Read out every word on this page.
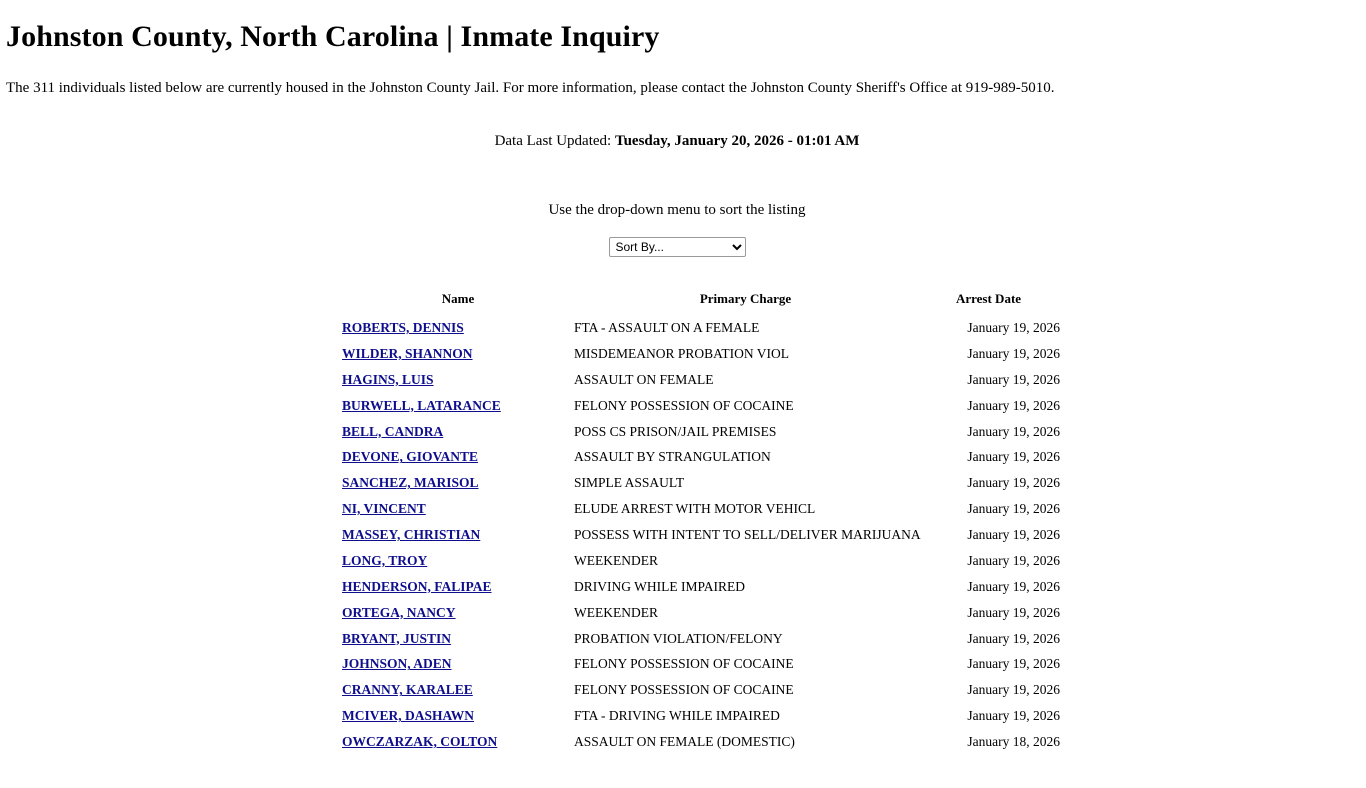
Johnston County, North Carolina | Inmate Inquiry

The 311 individuals listed below are currently housed in the Johnston County Jail. For more information, please contact the Johnston County Sheriff's Office at 919-989-5010.

Data Last Updated: Tuesday, January 20, 2026 - 01:01 AM
Use the drop-down menu to sort the listing
Sort By...
	Name	Primary Charge	Arrest Date
	ROBERTS, DENNIS	FTA - ASSAULT ON A FEMALE	January 19, 2026
	WILDER, SHANNON	MISDEMEANOR PROBATION VIOL	January 19, 2026
	HAGINS, LUIS	ASSAULT ON FEMALE	January 19, 2026
	BURWELL, LATARANCE	FELONY POSSESSION OF COCAINE	January 19, 2026
	BELL, CANDRA	POSS CS PRISON/JAIL PREMISES	January 19, 2026
	DEVONE, GIOVANTE	ASSAULT BY STRANGULATION	January 19, 2026
	SANCHEZ, MARISOL	SIMPLE ASSAULT	January 19, 2026
	NI, VINCENT	ELUDE ARREST WITH MOTOR VEHICL	January 19, 2026
	MASSEY, CHRISTIAN	POSSESS WITH INTENT TO SELL/DELIVER MARIJUANA	January 19, 2026
	LONG, TROY	WEEKENDER	January 19, 2026
	HENDERSON, FALIPAE	DRIVING WHILE IMPAIRED	January 19, 2026
	ORTEGA, NANCY	WEEKENDER	January 19, 2026
	BRYANT, JUSTIN	PROBATION VIOLATION/FELONY	January 19, 2026
	JOHNSON, ADEN	FELONY POSSESSION OF COCAINE	January 19, 2026
	CRANNY, KARALEE	FELONY POSSESSION OF COCAINE	January 19, 2026
	MCIVER, DASHAWN	FTA - DRIVING WHILE IMPAIRED	January 19, 2026
	OWCZARZAK, COLTON	ASSAULT ON FEMALE (DOMESTIC)	January 18, 2026
